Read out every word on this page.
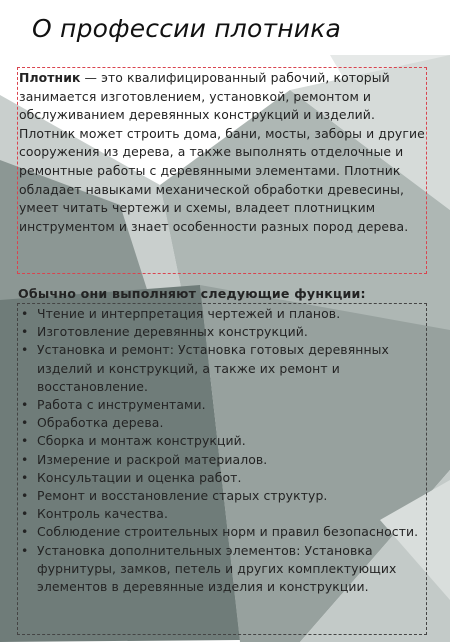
О профессии плотника

Плотник — это квалифицированный рабочий, который занимается изготовлением, установкой, ремонтом и обслуживанием деревянных конструкций и изделий. Плотник может строить дома, бани, мосты, заборы и другие сооружения из дерева, а также выполнять отделочные и ремонтные работы с деревянными элементами. Плотник обладает навыками механической обработки древесины, умеет читать чертежи и схемы, владеет плотницким инструментом и знает особенности разных пород дерева.

Обычно они выполняют следующие функции:

• Чтение и интерпретация чертежей и планов.
• Изготовление деревянных конструкций.
• Установка и ремонт: Установка готовых деревянных изделий и конструкций, а также их ремонт и восстановление.
• Работа с инструментами.
• Обработка дерева.
• Сборка и монтаж конструкций.
• Измерение и раскрой материалов.
• Консультации и оценка работ.
• Ремонт и восстановление старых структур.
• Контроль качества.
• Соблюдение строительных норм и правил безопасности.
• Установка дополнительных элементов: Установка фурнитуры, замков, петель и других комплектующих элементов в деревянные изделия и конструкции.
